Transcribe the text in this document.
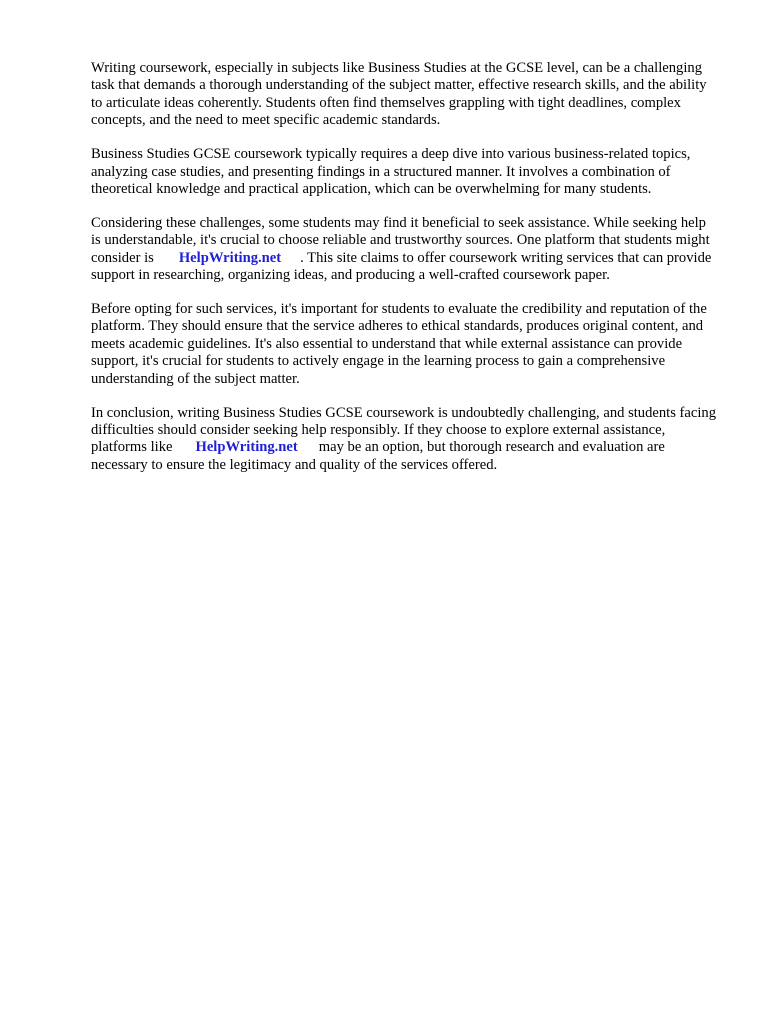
Writing coursework, especially in subjects like Business Studies at the GCSE level, can be a challenging task that demands a thorough understanding of the subject matter, effective research skills, and the ability to articulate ideas coherently. Students often find themselves grappling with tight deadlines, complex concepts, and the need to meet specific academic standards.

Business Studies GCSE coursework typically requires a deep dive into various business-related topics, analyzing case studies, and presenting findings in a structured manner. It involves a combination of theoretical knowledge and practical application, which can be overwhelming for many students.

Considering these challenges, some students may find it beneficial to seek assistance. While seeking help is understandable, it's crucial to choose reliable and trustworthy sources. One platform that students might consider is HelpWriting.net . This site claims to offer coursework writing services that can provide support in researching, organizing ideas, and producing a well-crafted coursework paper.

Before opting for such services, it's important for students to evaluate the credibility and reputation of the platform. They should ensure that the service adheres to ethical standards, produces original content, and meets academic guidelines. It's also essential to understand that while external assistance can provide support, it's crucial for students to actively engage in the learning process to gain a comprehensive understanding of the subject matter.

In conclusion, writing Business Studies GCSE coursework is undoubtedly challenging, and students facing difficulties should consider seeking help responsibly. If they choose to explore external assistance, platforms like HelpWriting.net may be an option, but thorough research and evaluation are necessary to ensure the legitimacy and quality of the services offered.
